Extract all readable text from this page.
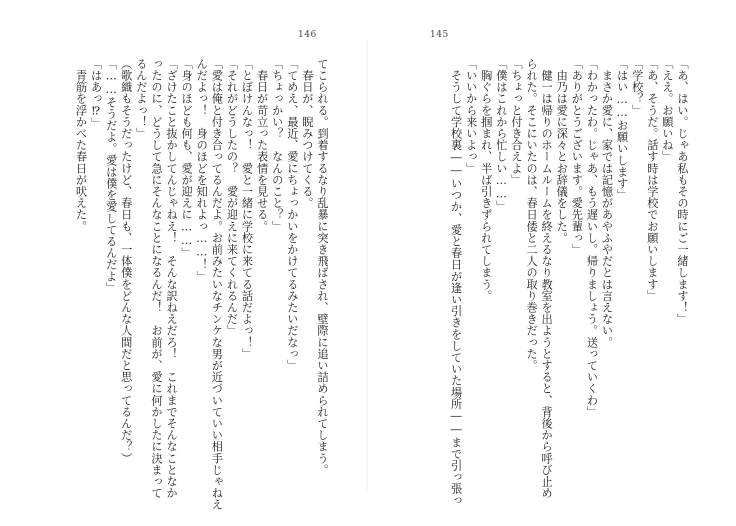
146
てこられる。到着するなり乱暴に突き飛ばされ、壁際に追い詰められてしまう。
　春日が、睨みつけてくる。
「てめえ、最近、愛にちょっかいをかけてるみたいだなっ」
「ちょっかい？　なんのこと？」
　春日が苛立った表情を見せる。
「とぼけんなっ！　愛と一緒に学校に来てる話だよっ！」
「それがどうしたの？　愛が迎えに来てくれるんだ」
「愛は俺と付き合ってるんだよ。お前みたいなチンケな男が近づいていい相手じゃねえ
んだよっ！　身のほどを知れよっ……！」
「身のほども何も、愛が迎えに……」
「ざけたこと抜かしてんじゃねえ！　そんな訳ねえだろ！　これまでそんなことなか
ったのに、どうして急にそんなことになるんだ！　お前が、愛に何かしたに決まって
るんだよっ！」
（歌織もそうだったけど、春日も、一体僕をどんな人間だと思ってるんだ？）
「……そうだよ。愛は僕を愛してるんだよ」
「はあっ⁉」
　青筋を浮かべた春日が吠えた。
145
「あ、はい。じゃあ私もその時にご一緒します！」
「ええ。お願いね」
「あ、そうだ。話す時は学校でお願いします」
「学校？」
「はい……お願いします」
　まさか愛に、家では記憶があやふやだとは言えない。
「わかったわ。じゃあ、もう遅いし。帰りましょう。送っていくわ」
「ありがとうございます。愛先輩っ」
　由乃は愛に深々とお辞儀をした。
　健一は帰りのホームルームを終えるなり教室を出ようとすると、背後から呼び止め
られた。そこにいたのは、春日倭と二人の取り巻きだった。
「ちょっと付き合えよ」
「僕はこれから忙しい……」
　胸ぐらを掴まれ、半ば引きずられてしまう。
「いいから来いよっ」
　そうして学校裏――いつか、愛と春日が逢い引きをしていた場所――まで引っ張っ
